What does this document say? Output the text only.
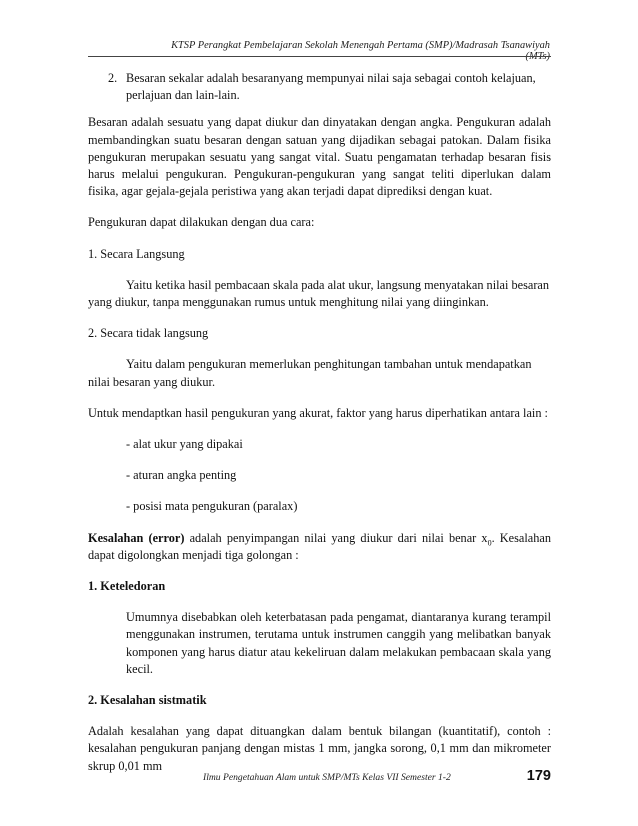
KTSP Perangkat Pembelajaran Sekolah Menengah Pertama (SMP)/Madrasah Tsanawiyah (MTs)
2. Besaran sekalar adalah besaranyang mempunyai nilai saja sebagai contoh kelajuan, perlajuan dan lain-lain.

Besaran adalah sesuatu yang dapat diukur dan dinyatakan dengan angka. Pengukuran adalah membandingkan suatu besaran dengan satuan yang dijadikan sebagai patokan. Dalam fisika pengukuran merupakan sesuatu yang sangat vital. Suatu pengamatan terhadap besaran fisis harus melalui pengukuran. Pengukuran-pengukuran yang sangat teliti diperlukan dalam fisika, agar gejala-gejala peristiwa yang akan terjadi dapat diprediksi dengan kuat.

Pengukuran dapat dilakukan dengan dua cara:

1. Secara Langsung

Yaitu ketika hasil pembacaan skala pada alat ukur, langsung menyatakan nilai besaran yang diukur, tanpa menggunakan rumus untuk menghitung nilai yang diinginkan.

2. Secara tidak langsung

Yaitu dalam pengukuran memerlukan penghitungan tambahan untuk mendapatkan nilai besaran yang diukur.

Untuk mendaptkan hasil pengukuran yang akurat, faktor yang harus diperhatikan antara lain :

- alat ukur yang dipakai

- aturan angka penting

- posisi mata pengukuran (paralax)

Kesalahan (error) adalah penyimpangan nilai yang diukur dari nilai benar $x_0$. Kesalahan dapat digolongkan menjadi tiga golongan :

1. Keteledoran

Umumnya disebabkan oleh keterbatasan pada pengamat, diantaranya kurang terampil menggunakan instrumen, terutama untuk instrumen canggih yang melibatkan banyak komponen yang harus diatur atau kekeliruan dalam melakukan pembacaan skala yang kecil.

2. Kesalahan sistmatik

Adalah kesalahan yang dapat dituangkan dalam bentuk bilangan (kuantitatif), contoh : kesalahan pengukuran panjang dengan mistas 1 mm, jangka sorong, 0,1 mm dan mikrometer skrup 0,01 mm

Ilmu Pengetahuan Alam untuk SMP/MTs Kelas VII Semester 1-2	179
